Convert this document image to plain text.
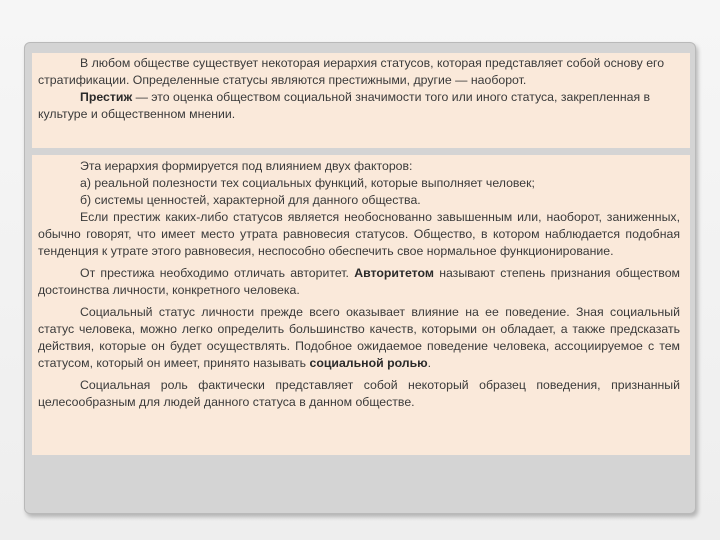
В любом обществе существует некоторая иерархия статусов, которая представляет собой основу его стратификации. Определенные статусы являются престижными, другие — наоборот.

Престиж — это оценка обществом социальной значимости того или иного статуса, закрепленная в культуре и общественном мнении.

Эта иерархия формируется под влиянием двух факторов:

а) реальной полезности тех социальных функций, которые выполняет человек;

б) системы ценностей, характерной для данного общества.

Если престиж каких-либо статусов является необоснованно завышенным или, наоборот, заниженных, обычно говорят, что имеет место утрата равновесия статусов. Общество, в котором наблюдается подобная тенденция к утрате этого равновесия, неспособно обеспечить свое нормальное функционирование.

От престижа необходимо отличать авторитет. Авторитетом называют степень признания обществом достоинства личности, конкретного человека.

Социальный статус личности прежде всего оказывает влияние на ее поведение. Зная социальный статус человека, можно легко определить большинство качеств, которыми он обладает, а также предсказать действия, которые он будет осуществлять. Подобное ожидаемое поведение человека, ассоциируемое с тем статусом, который он имеет, принято называть социальной ролью.

Социальная роль фактически представляет собой некоторый образец поведения, признанный целесообразным для людей данного статуса в данном обществе.
